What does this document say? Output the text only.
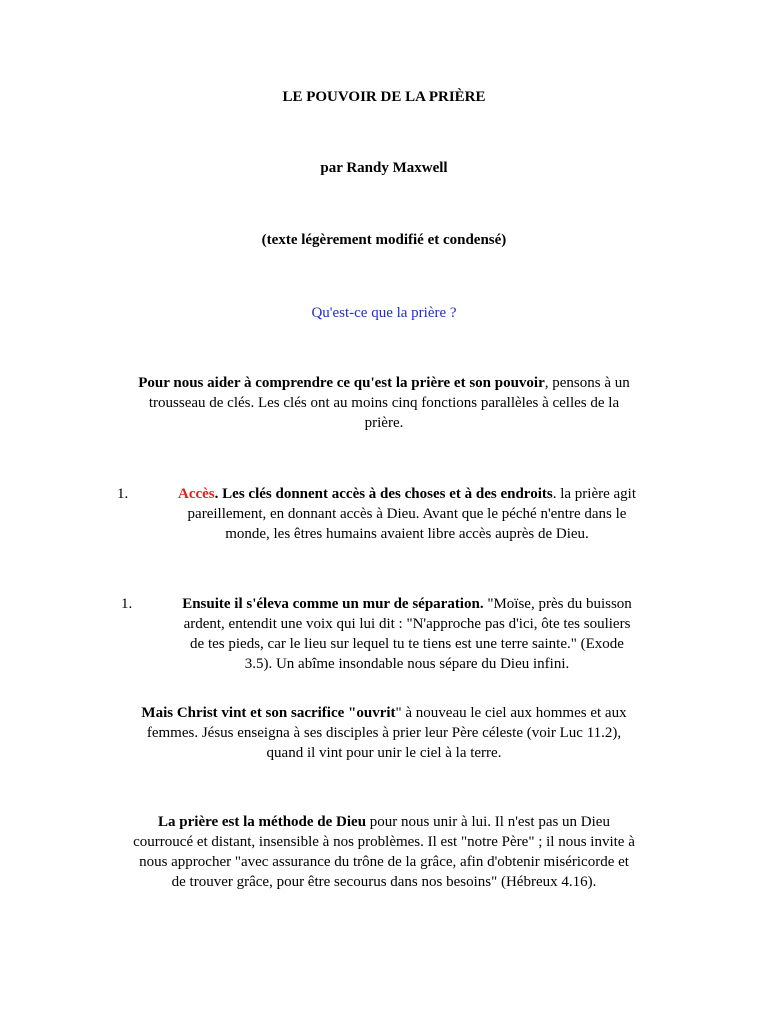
LE POUVOIR DE LA PRIÈRE
par Randy Maxwell
(texte légèrement modifié et condensé)
Qu'est-ce que la prière ?
Pour nous aider à comprendre ce qu'est la prière et son pouvoir, pensons à un
trousseau de clés. Les clés ont au moins cinq fonctions parallèles à celles de la
prière.
1.	Accès. Les clés donnent accès à des choses et à des endroits. la prière agit
pareillement, en donnant accès à Dieu. Avant que le péché n'entre dans le
monde, les êtres humains avaient libre accès auprès de Dieu.
1.	Ensuite il s'éleva comme un mur de séparation. "Moïse, près du buisson
ardent, entendit une voix qui lui dit : "N'approche pas d'ici, ôte tes souliers
de tes pieds, car le lieu sur lequel tu te tiens est une terre sainte." (Exode
3.5). Un abîme insondable nous sépare du Dieu infini.
Mais Christ vint et son sacrifice "ouvrit" à nouveau le ciel aux hommes et aux
femmes. Jésus enseigna à ses disciples à prier leur Père céleste (voir Luc 11.2),
quand il vint pour unir le ciel à la terre.
La prière est la méthode de Dieu pour nous unir à lui. Il n'est pas un Dieu
courroucé et distant, insensible à nos problèmes. Il est "notre Père" ; il nous invite à
nous approcher "avec assurance du trône de la grâce, afin d'obtenir miséricorde et
de trouver grâce, pour être secourus dans nos besoins" (Hébreux 4.16).
